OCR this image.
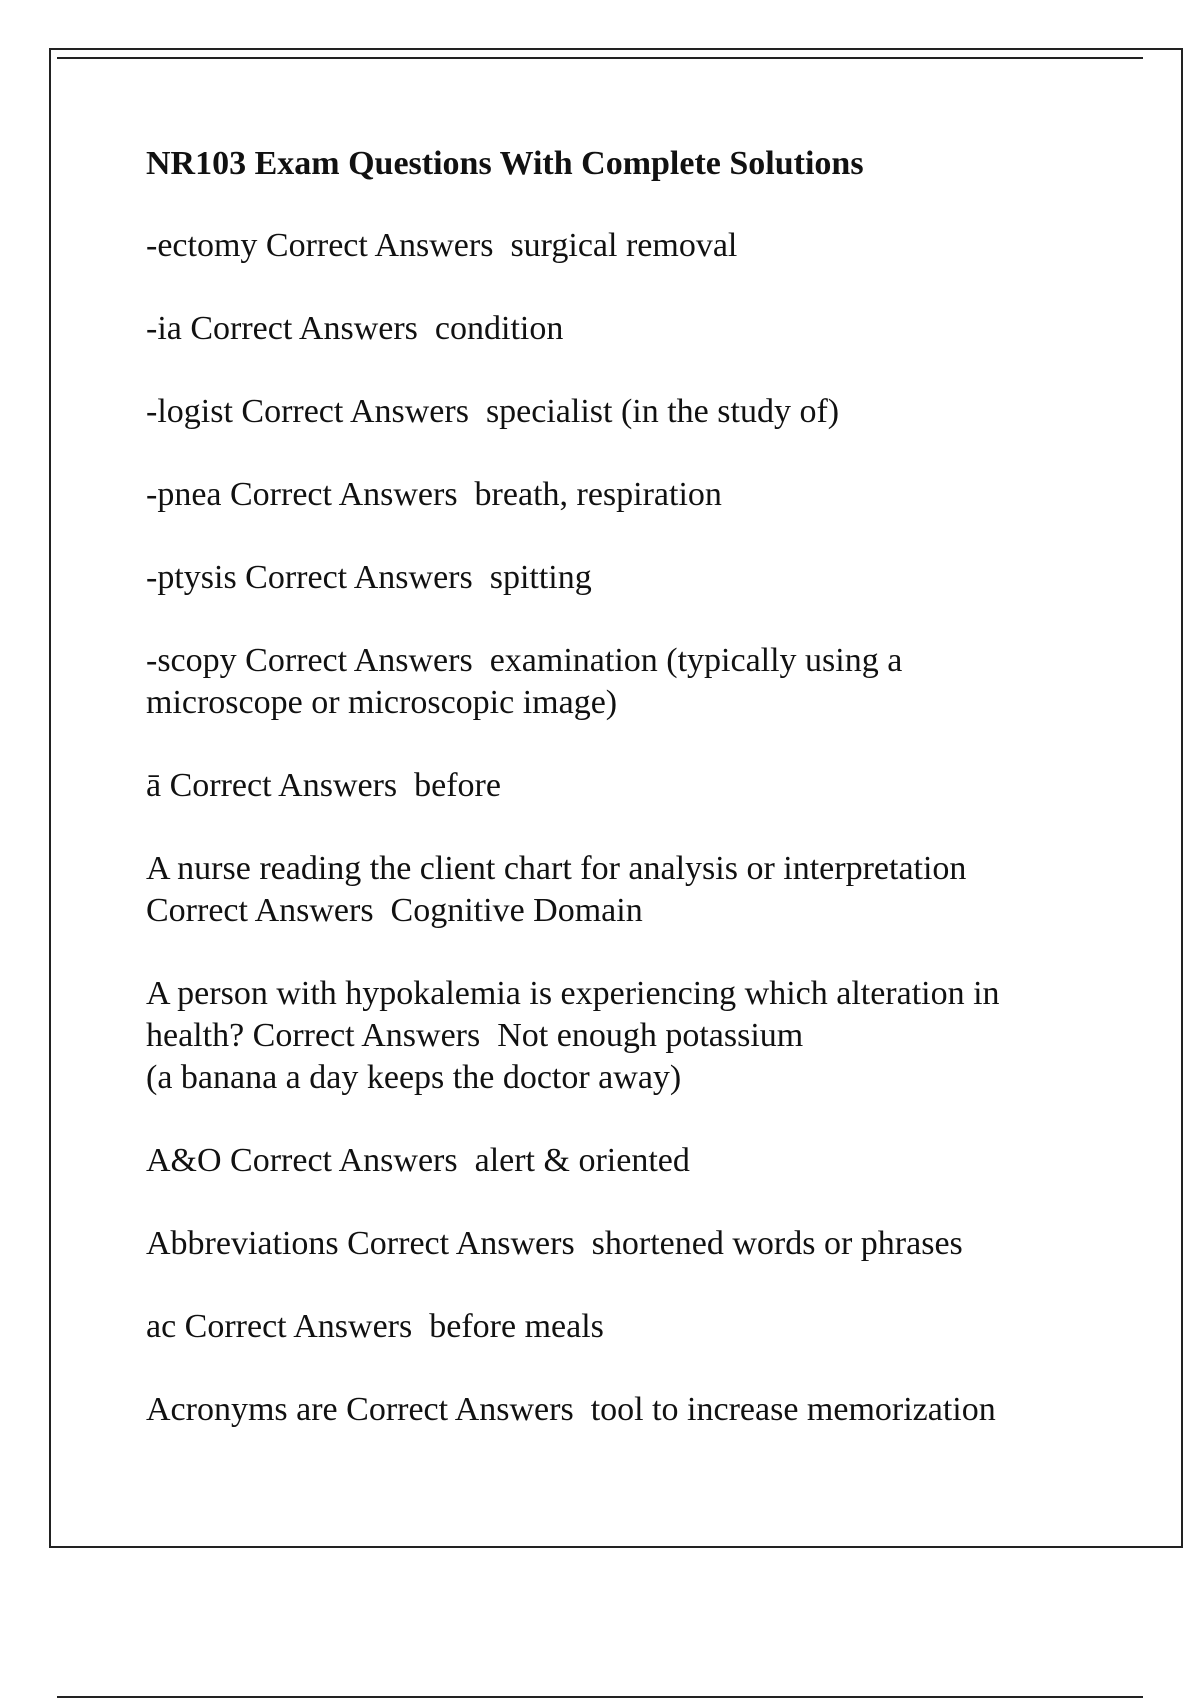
NR103 Exam Questions With Complete Solutions
-ectomy Correct Answers  surgical removal
-ia Correct Answers  condition
-logist Correct Answers  specialist (in the study of)
-pnea Correct Answers  breath, respiration
-ptysis Correct Answers  spitting
-scopy Correct Answers  examination (typically using a
microscope or microscopic image)
ā Correct Answers  before
A nurse reading the client chart for analysis or interpretation
Correct Answers  Cognitive Domain
A person with hypokalemia is experiencing which alteration in
health? Correct Answers  Not enough potassium
(a banana a day keeps the doctor away)
A&O Correct Answers  alert & oriented
Abbreviations Correct Answers  shortened words or phrases
ac Correct Answers  before meals
Acronyms are Correct Answers  tool to increase memorization
